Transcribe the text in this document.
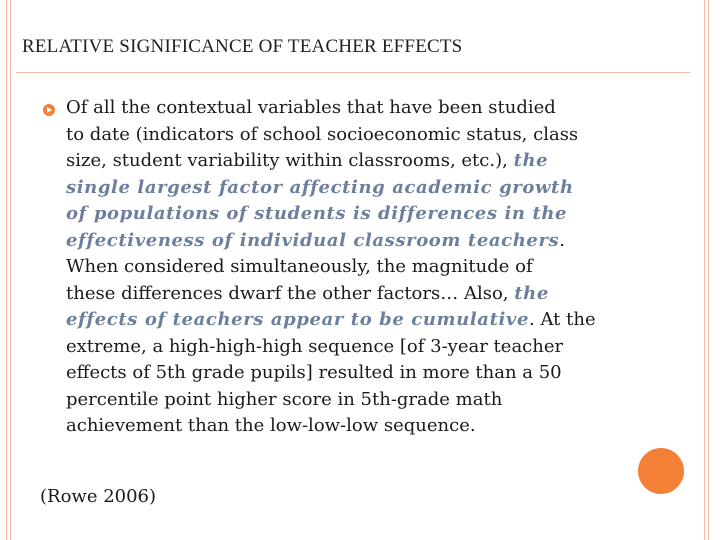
RELATIVE SIGNIFICANCE OF TEACHER EFFECTS
Of all the contextual variables that have been studied
to date (indicators of school socioeconomic status, class
size, student variability within classrooms, etc.), the
single largest factor affecting academic growth
of populations of students is differences in the
effectiveness of individual classroom teachers.
When considered simultaneously, the magnitude of
these differences dwarf the other factors… Also, the
effects of teachers appear to be cumulative. At the
extreme, a high-high-high sequence [of 3-year teacher
effects of 5th grade pupils] resulted in more than a 50
percentile point higher score in 5th-grade math
achievement than the low-low-low sequence.
(Rowe 2006)
